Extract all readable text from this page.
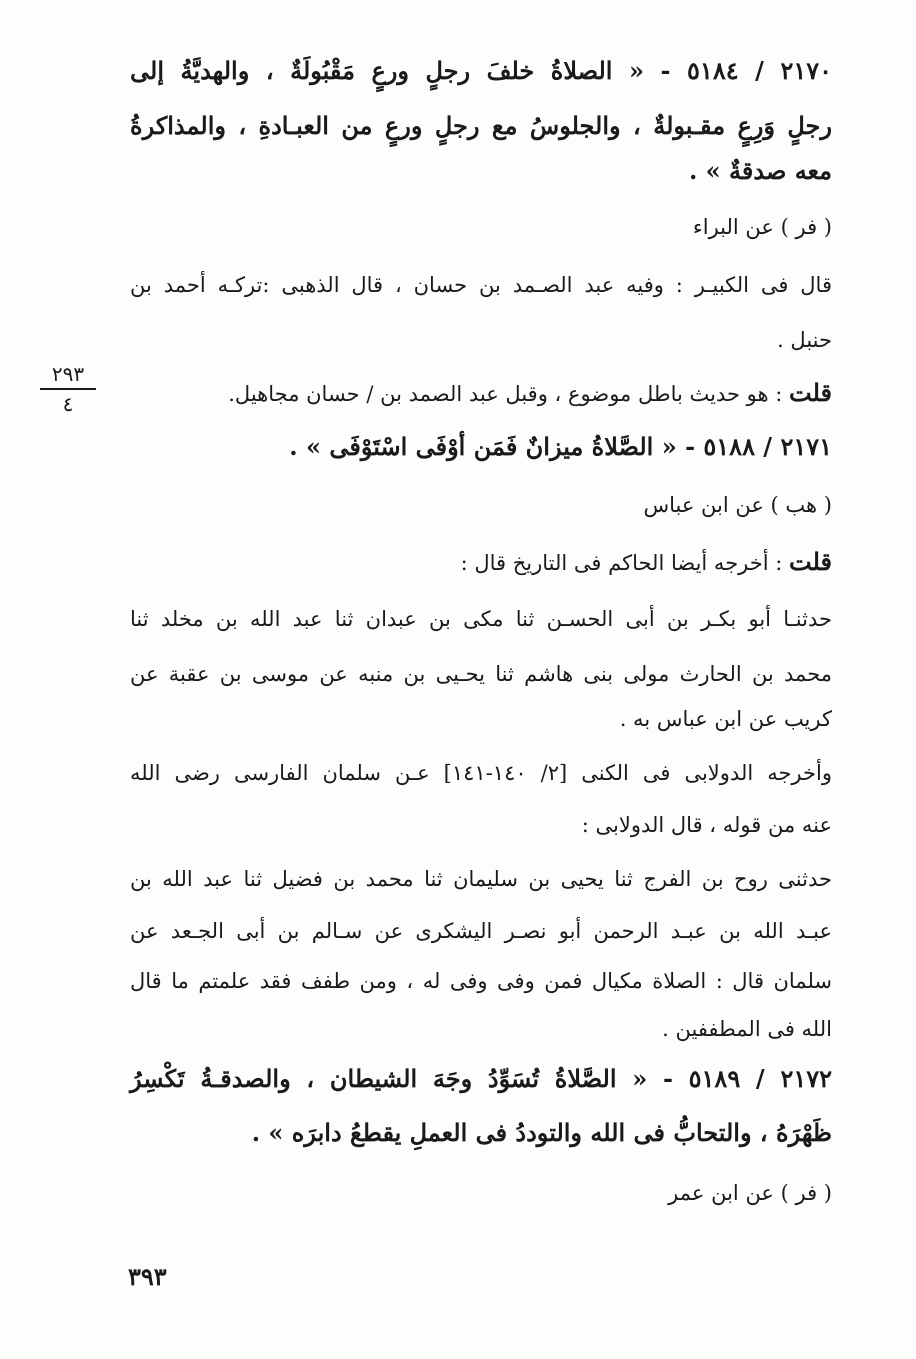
٢٩٣
٤
٢١٧٠ / ٥١٨٤ - « الصلاةُ خلفَ رجلٍ ورعٍ مَقْبُولَةٌ ، والهديَّةُ إلى
رجلٍ وَرِعٍ مقـبولةٌ ، والجلوسُ مع رجلٍ ورعٍ من العبـادةِ ، والمذاكرةُ
معه صدقةٌ » .
( فر ) عن البراء
قال فى الكبيـر : وفيه عبد الصـمد بن حسان ، قال الذهبى :تركـه أحمد بن
حنبل .
قلت : هو حديث باطل موضوع ، وقبل عبد الصمد بن / حسان مجاهيل.
٢١٧١ / ٥١٨٨ - « الصَّلاةُ ميزانٌ فَمَن أوْفَى اسْتَوْفَى » .
( هب ) عن ابن عباس
قلت : أخرجه أيضا الحاكم فى التاريخ قال :
حدثنـا أبو بكـر بن أبى الحسـن ثنا مكى بن عبدان ثنا عبد الله بن مخلد ثنا
محمد بن الحارث مولى بنى هاشم ثنا يحـيى بن منبه عن موسى بن عقبة عن
كريب عن ابن عباس به .
وأخرجه الدولابى فى الكنى [٢/ ١٤٠-١٤١] عـن سلمان الفارسى رضى الله
عنه من قوله ، قال الدولابى :
حدثنى روح بن الفرج ثنا يحيى بن سليمان ثنا محمد بن فضيل ثنا عبد الله بن
عبـد الله بن عبـد الرحمن أبو نصـر اليشكرى عن سـالم بن أبى الجـعد عن
سلمان قال : الصلاة مكيال فمن وفى وفى له ، ومن طفف فقد علمتم ما قال
الله فى المطففين .
٢١٧٢ / ٥١٨٩ - « الصَّلاةُ تُسَوِّدُ وجَهَ الشيطان ، والصدقـةُ تَكْسِرُ
ظَهْرَهُ ، والتحابُّ فى الله والتوددُ فى العملِ يقطعُ دابرَه » .
( فر ) عن ابن عمر
٣٩٣
